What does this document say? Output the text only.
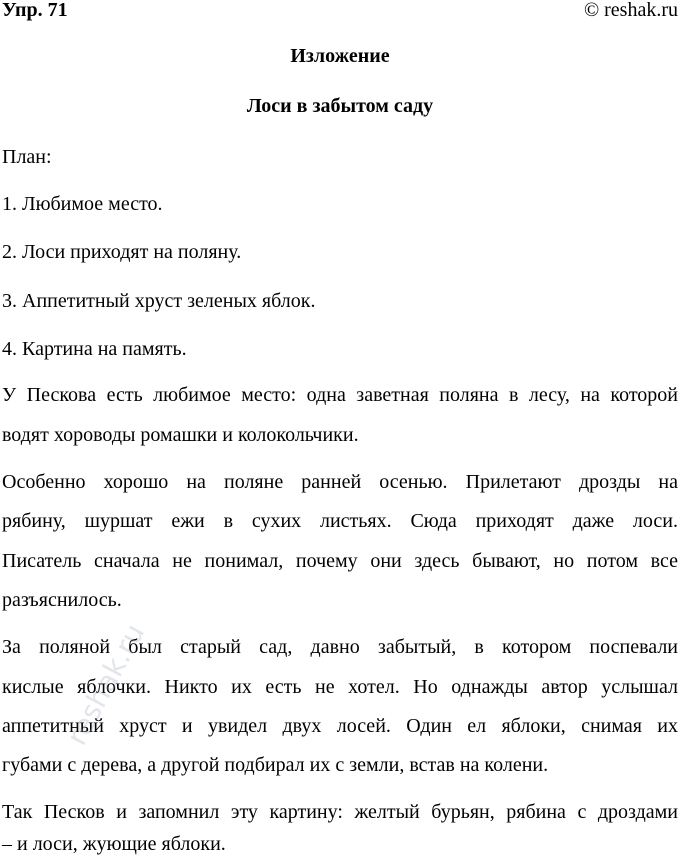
Упр. 71	© reshak.ru
Изложение
Лоси в забытом саду
План:
1. Любимое место.
2. Лоси приходят на поляну.
3. Аппетитный хруст зеленых яблок.
4. Картина на память.
У Пескова есть любимое место: одна заветная поляна в лесу, на которой
водят хороводы ромашки и колокольчики.
Особенно хорошо на поляне ранней осенью. Прилетают дрозды на
рябину, шуршат ежи в сухих листьях. Сюда приходят даже лоси.
Писатель сначала не понимал, почему они здесь бывают, но потом все
разъяснилось.
За поляной был старый сад, давно забытый, в котором поспевали
кислые яблочки. Никто их есть не хотел. Но однажды автор услышал
аппетитный хруст и увидел двух лосей. Один ел яблоки, снимая их
губами с дерева, а другой подбирал их с земли, встав на колени.
Так Песков и запомнил эту картину: желтый бурьян, рябина с дроздами
– и лоси, жующие яблоки.
reshak.ru
